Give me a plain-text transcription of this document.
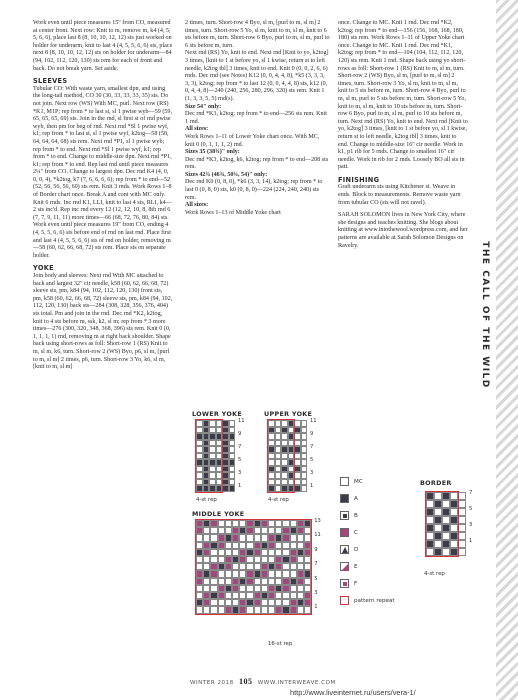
THE CALL OF THE WILD

Work even until piece measures 15" from CO, measured at center front. Next row: Knit to m, remove m, k4 (4, 5, 5, 6, 6), place last 8 (8, 10, 10, 12, 12) sts just worked on holder for underarm, knit to last 4 (4, 5, 5, 6, 6) sts, place next 8 (8, 10, 10, 12, 12) sts on holder for underarm—84 (94, 102, 112, 120, 130) sts rem for each of front and back. Do not break yarn. Set aside.

SLEEVES

Tubular CO: With waste yarn, smallest dpn, and using the long-tail method, CO 30 (30, 33, 33, 33, 35) sts. Do not join. Next row (WS) With MC, purl. Next row (RS) *K1, M1P; rep from * to last st, sl 1 pwise wyb—59 (59, 65, 65, 65, 69) sts. Join in the rnd, sl first st of rnd pwise wyb, then pm for beg of rnd. Next rnd *Sl 1 pwise wyf, k1; rep from * to last st, sl 1 pwise wyf, k2tog—58 (58, 64, 64, 64, 68) sts rem. Next rnd *P1, sl 1 pwise wyb; rep from * to end. Next rnd *Sl 1 pwise wyf, k1; rep from * to end. Change to middle-size dpn. Next rnd *P1, k1; rep from * to end. Rep last rnd until piece measures 2¼" from CO. Change to largest dpn. Dec rnd K4 (4, 0, 0, 0, 4), *k2tog, k7 (7, 6, 6, 6, 6); rep from * to end—52 (52, 56, 56, 56, 60) sts rem. Knit 3 rnds. Work Rows 1–8 of Border chart once. Break A and cont with MC only. Knit 6 rnds. Inc rnd K1, LLI, knit to last 4 sts, RLI, k4—2 sts inc'd. Rep inc rnd every 12 (12, 12, 10, 8, 8th rnd 6 (7, 7, 9, 11, 11) more times—66 (68, 72, 76, 80, 84) sts. Work even until piece measures 19" from CO, ending 4 (4, 5, 5, 6, 6) sts before end of rnd on last rnd. Place first and last 4 (4, 5, 5, 6, 6) sts of rnd on holder, removing m—58 (60, 62, 66, 68, 72) sts rem. Place sts on separate holder.

YOKE

Join body and sleeves: Next rnd With MC attached to back and largest 32" cir needle, k58 (60, 62, 66, 68, 72) sleeve sts, pm, k84 (94, 102, 112, 120, 130) front sts, pm, k58 (60, 62, 66, 68, 72) sleeve sts, pm, k84 (94, 102, 112, 120, 130) back sts—284 (308, 328, 356, 376, 404) sts total. Pm and join in the rnd. Dec rnd *K2, k2tog, knit to 4 sts before m, ssk, k2, sl m; rep from * 3 more times—276 (300, 320, 348, 368, 396) sts rem. Knit 0 (0, 1, 1, 1, 1) rnd, removing m at right back shoulder. Shape back using short-rows as foll: Short-row 1 (RS) Knit to m, sl m, k6, turn. Short-row 2 (WS) Byo, p6, sl m, [purl to m, sl m] 2 times, p6, turn. Short-row 3 Yo, k6, sl m, [knit to m, sl m]

2 times, turn. Short-row 4 Byo, sl m, [purl to m, sl m] 2 times, turn. Short-row 5 Yo, sl m, knit to m, sl m, knit to 6 sts before m, turn. Short-row 6 Byo, purl to m, sl m, purl to 6 sts before m, turn.

Next rnd (RS) Yo, knit to end. Next rnd [Knit to yo, k2tog] 3 times, [knit to 1 st before yo, sl 1 kwise, return st to left needle, k2tog tbl] 3 times, knit to end. Knit 0 (0, 0, 2, 6, 6) rnds. Dec rnd (see Notes) K12 (0, 0, 4, 4, 8), *k5 (3, 3, 3, 3, 3), k2tog; rep from * to last 12 (0, 0, 4, 4, 8) sts, k12 (0, 0, 4, 4, 8)—240 (240, 256, 280, 296, 320) sts rem. Knit 1 (1, 3, 3, 5, 5) rnd(s).

Size 54" only:

Dec rnd *K3, k2tog; rep from * to end—256 sts rem. Knit 1 rnd.

All sizes:

Work Rows 1–11 of Lower Yoke chart once. With MC, knit 0 (0, 1, 1, 1, 2) rnd.

Sizes 35 (38¾)" only:

Dec rnd *K3, k2tog, k6, k2tog; rep from * to end—208 sts rem.

Sizes 42¾ (46¾, 50¾, 54)" only:

Dec rnd K0 (0, 8, 0), *k6 (3, 3, 14), k2tog; rep from * to last 0 (0, 8, 0) sts, k0 (0, 8, 0)—224 (224, 240, 240) sts rem.

All sizes:

Work Rows 1–13 of Middle Yoke chart

once. Change to MC. Knit 1 rnd. Dec rnd *K2, k2tog; rep from * to end—156 (156, 168, 168, 180, 180) sts rem. Work Rows 1–11 of Upper Yoke chart once. Change to MC. Knit 1 rnd. Dec rnd *K1, k2tog; rep from * to end—104 (104, 112, 112, 120, 120) sts rem. Knit 1 rnd. Shape back using yo short-rows as foll: Short-row 1 (RS) Knit to m, sl m, turn. Short-row 2 (WS) Byo, sl m, [purl to m, sl m] 2 times, turn. Short-row 3 Yo, sl m, knit to m, sl m, knit to 5 sts before m, turn. Short-row 4 Byo, purl to m, sl m, purl to 5 sts before m, turn. Short-row 5 Yo, knit to m, sl m, knit to 10 sts before m, turn. Short-row 6 Byo, purl to m, sl m, purl to 10 sts before m, turn. Next rnd (RS) Yo, knit to end. Next rnd [Knit to yo, k2tog] 3 times, [knit to 1 st before yo, sl 1 kwise, return st to left needle, k2tog tbl] 3 times, knit to end. Change to middle-size 16" cir needle. Work in k1, p1 rib for 5 rnds. Change to smallest 16" cir needle. Work in rib for 2 rnds. Loosely BO all sts in patt.

FINISHING

Graft underarm sts using Kitchener st. Weave in ends. Block to measurements. Remove waste yarn from tubular CO (sts will not ravel).

SARAH SOLOMON lives in New York City, where she designs and teaches knitting. She blogs about knitting at www.intothewool.wordpress.com, and her patterns are available at Sarah Solomon Designs on Ravelry.

LOWER YOKE	UPPER YOKE
MIDDLE YOKE
BORDER
11
9
7
5
3
1
11
9
7
5
3
1
13
11
9
7
5
3
1
7
5
3
1
4-st rep	4-st rep
16-st rep
4-st rep
MC
A
B
C
D
E
F
pattern repeat
WINTER 2018 105 WWW.INTERWEAVE.COM
http://www.liveinternet.ru/users/vera-1/
